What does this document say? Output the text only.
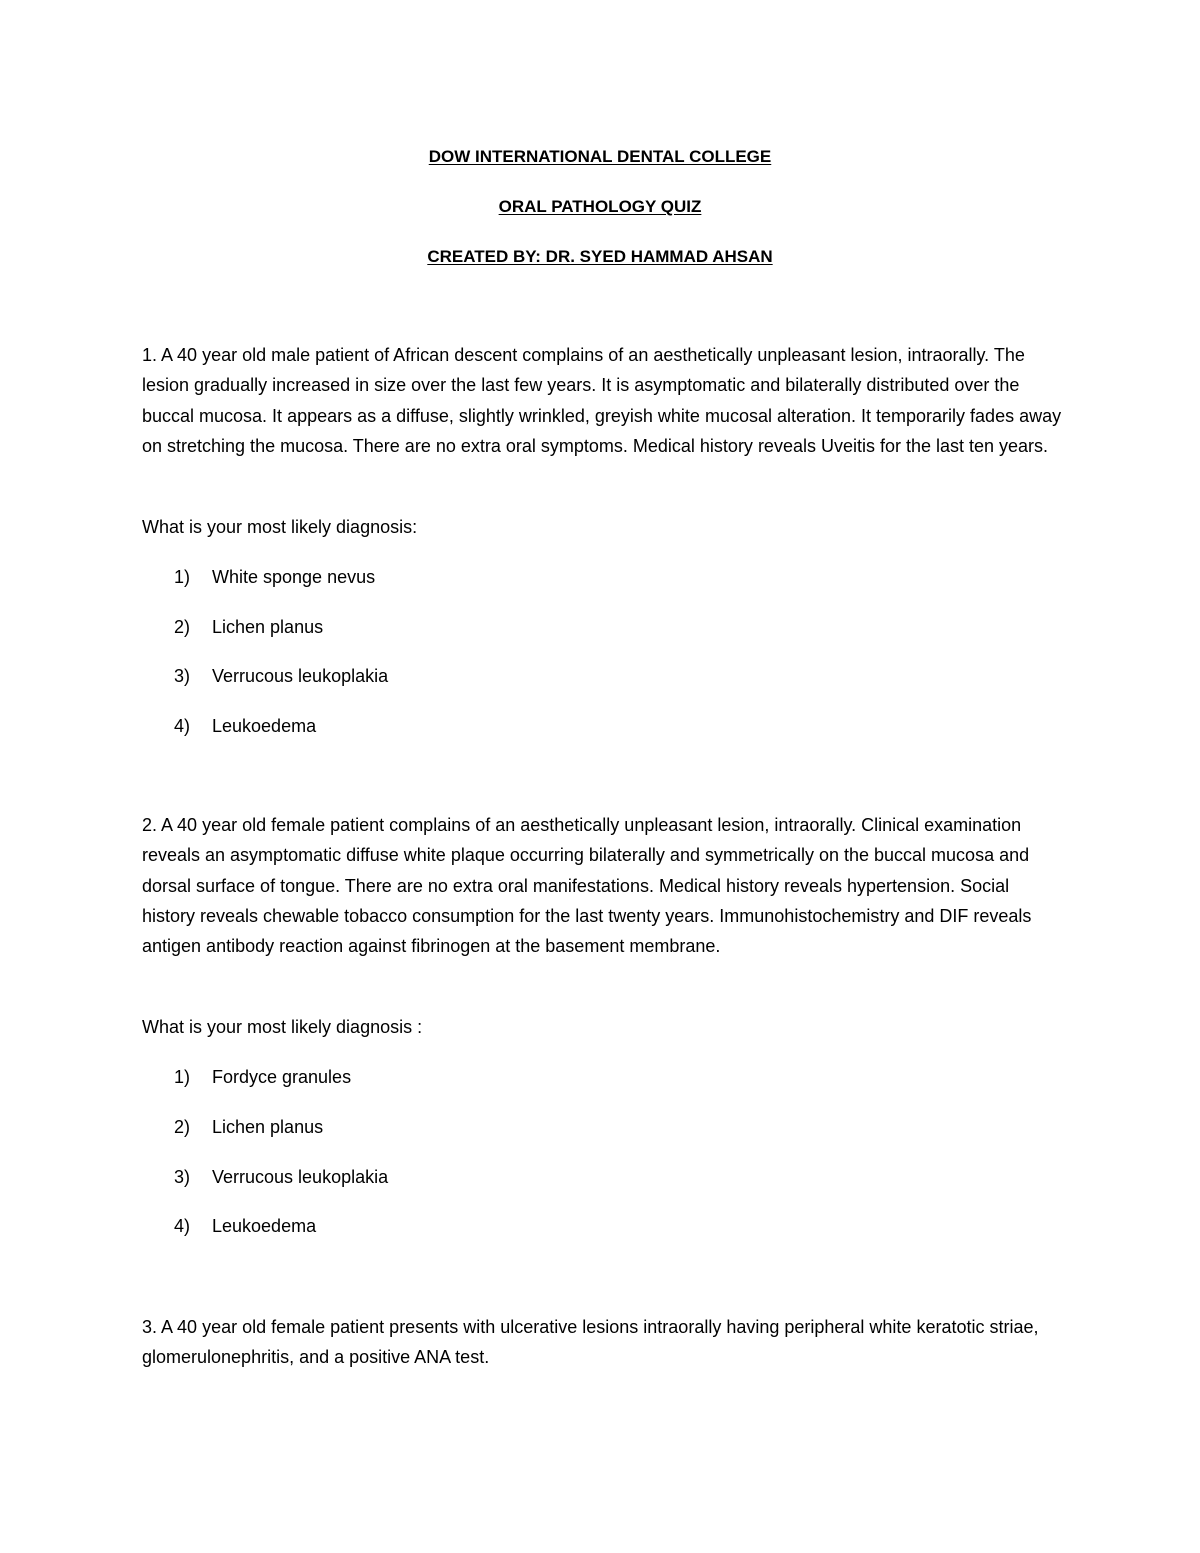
DOW INTERNATIONAL DENTAL COLLEGE
ORAL PATHOLOGY QUIZ
CREATED BY: DR. SYED HAMMAD AHSAN
1. A 40 year old male patient of African descent complains of an aesthetically unpleasant lesion, intraorally. The lesion gradually increased in size over the last few years. It is asymptomatic and bilaterally distributed over the buccal mucosa. It appears as a diffuse, slightly wrinkled, greyish white mucosal alteration. It temporarily fades away on stretching the mucosa. There are no extra oral symptoms. Medical history reveals Uveitis for the last ten years.
What is your most likely diagnosis:
1) White sponge nevus
2) Lichen planus
3) Verrucous leukoplakia
4) Leukoedema
2. A 40 year old female patient complains of an aesthetically unpleasant lesion, intraorally. Clinical examination reveals an asymptomatic diffuse white plaque occurring bilaterally and symmetrically on the buccal mucosa and dorsal surface of tongue. There are no extra oral manifestations. Medical history reveals hypertension. Social history reveals chewable tobacco consumption for the last twenty years. Immunohistochemistry and DIF reveals antigen antibody reaction against fibrinogen at the basement membrane.
What is your most likely diagnosis :
1) Fordyce granules
2) Lichen planus
3) Verrucous leukoplakia
4) Leukoedema
3. A 40 year old female patient presents with ulcerative lesions intraorally having peripheral white keratotic striae, glomerulonephritis, and a positive ANA test.
